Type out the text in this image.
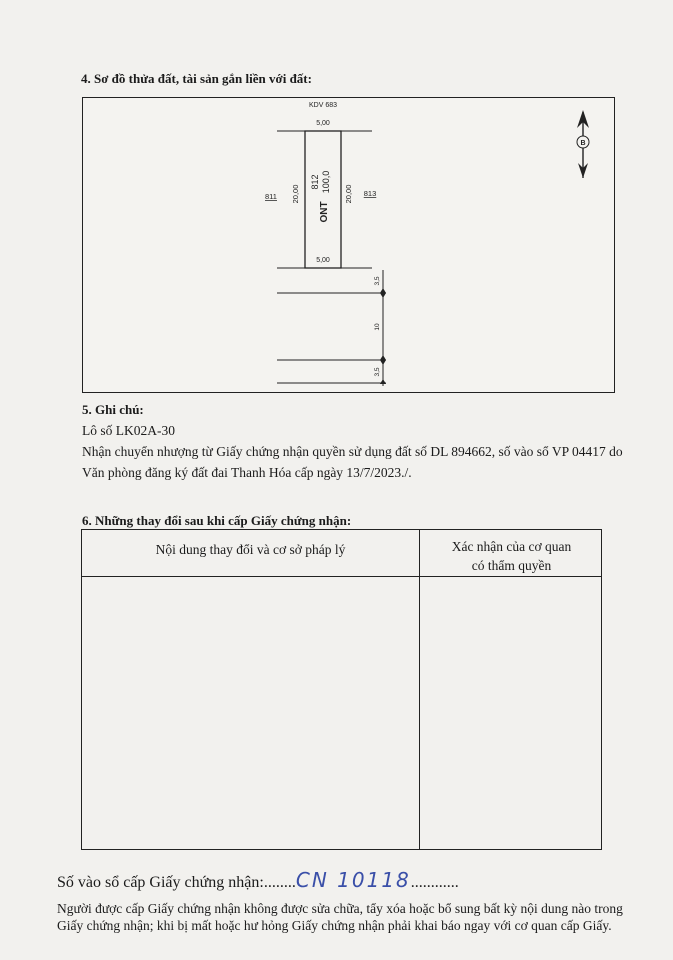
4. Sơ đồ thửa đất, tài sản gắn liền với đất:
KDV 683
5,00
5,00
B
20,00	20,00
812 100,0
ONT
811	813
3,5
10
3,5
5. Ghi chú:
Lô số LK02A-30
Nhận chuyển nhượng từ Giấy chứng nhận quyền sử dụng đất số DL 894662, số vào sổ VP 04417 do
Văn phòng đăng ký đất đai Thanh Hóa cấp ngày 13/7/2023./.
6. Những thay đổi sau khi cấp Giấy chứng nhận:
Nội dung thay đổi và cơ sở pháp lý	Xác nhận của cơ quan
có thẩm quyền
Số vào sổ cấp Giấy chứng nhận:........CN 10118............
Người được cấp Giấy chứng nhận không được sửa chữa, tẩy xóa hoặc bổ sung bất kỳ nội dung nào trong Giấy chứng nhận; khi bị mất hoặc hư hỏng Giấy chứng nhận phải khai báo ngay với cơ quan cấp Giấy.
